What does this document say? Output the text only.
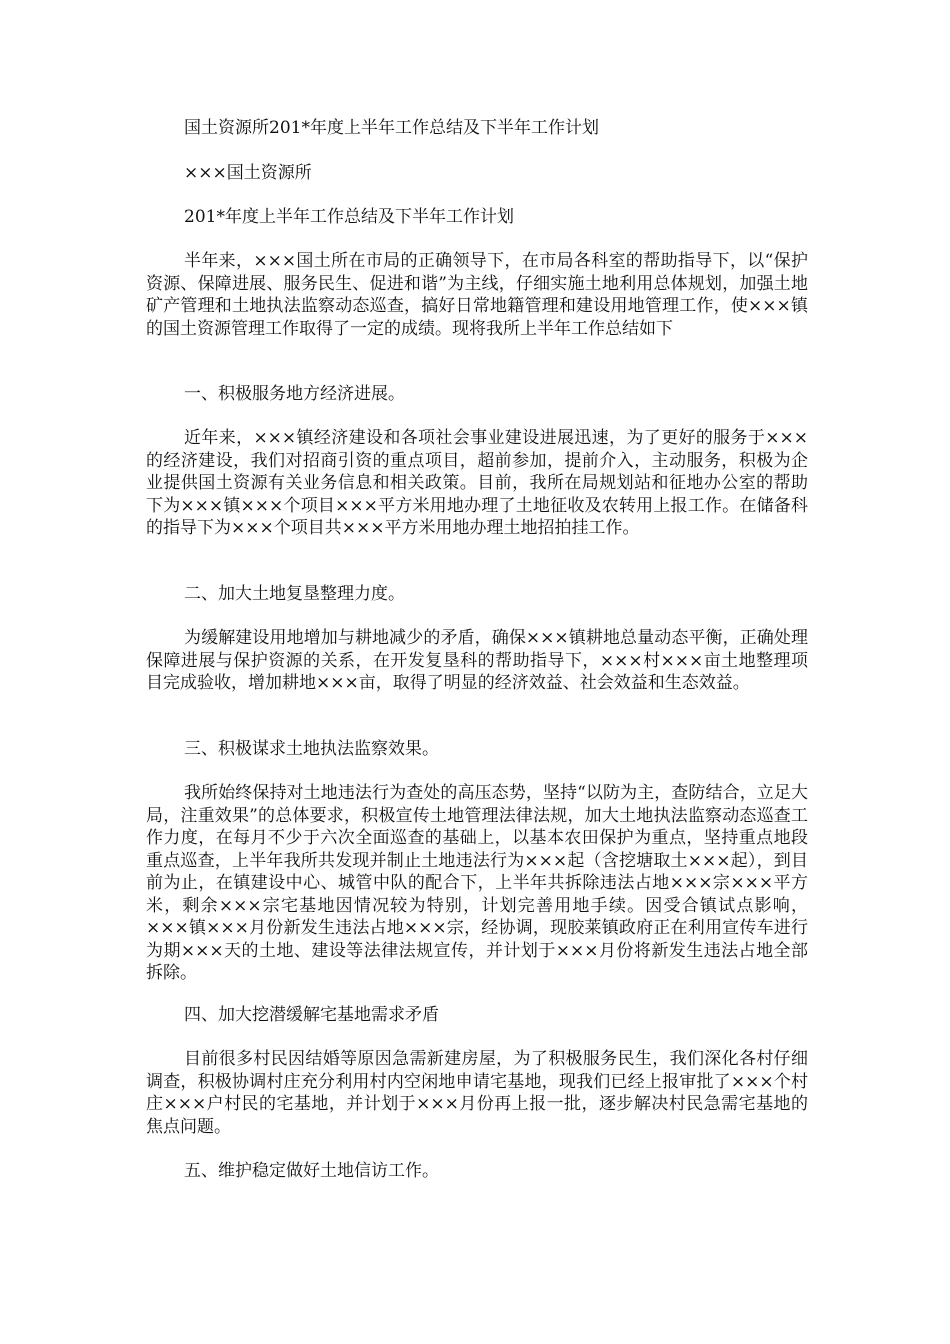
国土资源所201*年度上半年工作总结及下半年工作计划
×××国土资源所
201*年度上半年工作总结及下半年工作计划
半年来，×××国土所在市局的正确领导下，在市局各科室的帮助指导下，以“保护资源、保障进展、服务民生、促进和谐”为主线，仔细实施土地利用总体规划，加强土地矿产管理和土地执法监察动态巡查，搞好日常地籍管理和建设用地管理工作，使×××镇的国土资源管理工作取得了一定的成绩。现将我所上半年工作总结如下
一、积极服务地方经济进展。
近年来，×××镇经济建设和各项社会事业建设进展迅速，为了更好的服务于×××的经济建设，我们对招商引资的重点项目，超前参加，提前介入，主动服务，积极为企业提供国土资源有关业务信息和相关政策。目前，我所在局规划站和征地办公室的帮助下为×××镇×××个项目×××平方米用地办理了土地征收及农转用上报工作。在储备科的指导下为×××个项目共×××平方米用地办理土地招拍挂工作。
二、加大土地复垦整理力度。
为缓解建设用地增加与耕地减少的矛盾，确保×××镇耕地总量动态平衡，正确处理保障进展与保护资源的关系，在开发复垦科的帮助指导下，×××村×××亩土地整理项目完成验收，增加耕地×××亩，取得了明显的经济效益、社会效益和生态效益。
三、积极谋求土地执法监察效果。
我所始终保持对土地违法行为查处的高压态势，坚持“以防为主，查防结合，立足大局，注重效果”的总体要求，积极宣传土地管理法律法规，加大土地执法监察动态巡查工作力度，在每月不少于六次全面巡查的基础上，以基本农田保护为重点，坚持重点地段重点巡查，上半年我所共发现并制止土地违法行为×××起（含挖塘取土×××起），到目前为止，在镇建设中心、城管中队的配合下，上半年共拆除违法占地×××宗×××平方米，剩余×××宗宅基地因情况较为特别，计划完善用地手续。因受合镇试点影响，×××镇×××月份新发生违法占地×××宗，经协调，现胶莱镇政府正在利用宣传车进行为期×××天的土地、建设等法律法规宣传，并计划于×××月份将新发生违法占地全部拆除。
四、加大挖潜缓解宅基地需求矛盾
目前很多村民因结婚等原因急需新建房屋，为了积极服务民生，我们深化各村仔细调查，积极协调村庄充分利用村内空闲地申请宅基地，现我们已经上报审批了×××个村庄×××户村民的宅基地，并计划于×××月份再上报一批，逐步解决村民急需宅基地的焦点问题。
五、维护稳定做好土地信访工作。
